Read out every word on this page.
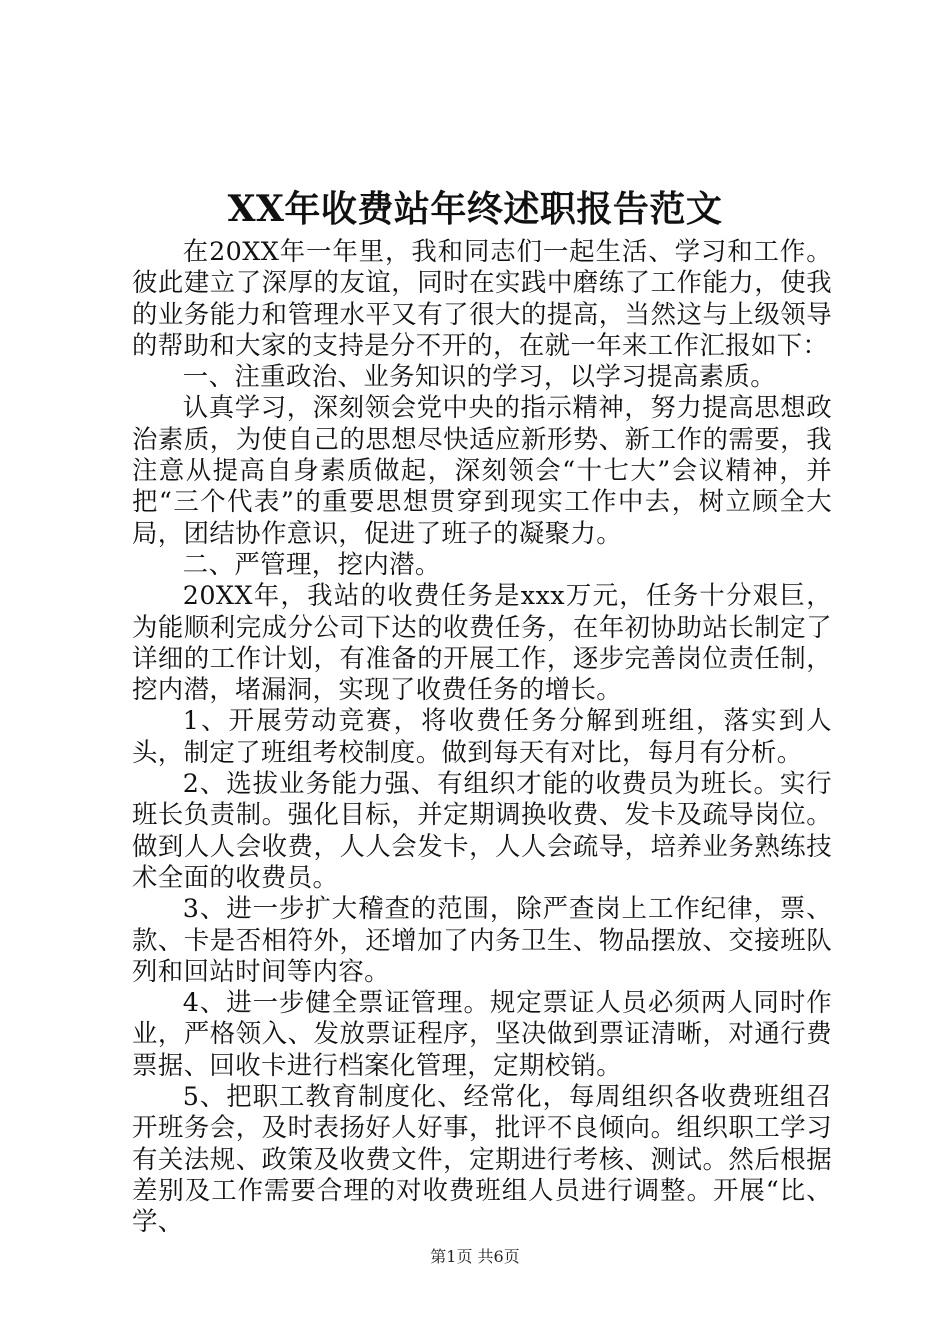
XX年收费站年终述职报告范文

在20XX年一年里，我和同志们一起生活、学习和工作。彼此建立了深厚的友谊，同时在实践中磨练了工作能力，使我的业务能力和管理水平又有了很大的提高，当然这与上级领导的帮助和大家的支持是分不开的，在就一年来工作汇报如下：

一、注重政治、业务知识的学习，以学习提高素质。

认真学习，深刻领会党中央的指示精神，努力提高思想政治素质，为使自己的思想尽快适应新形势、新工作的需要，我注意从提高自身素质做起，深刻领会“十七大”会议精神，并把“三个代表”的重要思想贯穿到现实工作中去，树立顾全大局，团结协作意识，促进了班子的凝聚力。

二、严管理，挖内潜。

20XX年，我站的收费任务是xxx万元，任务十分艰巨，为能顺利完成分公司下达的收费任务，在年初协助站长制定了详细的工作计划，有准备的开展工作，逐步完善岗位责任制，挖内潜，堵漏洞，实现了收费任务的增长。

1、开展劳动竞赛，将收费任务分解到班组，落实到人头，制定了班组考校制度。做到每天有对比，每月有分析。

2、选拔业务能力强、有组织才能的收费员为班长。实行班长负责制。强化目标，并定期调换收费、发卡及疏导岗位。做到人人会收费，人人会发卡，人人会疏导，培养业务熟练技术全面的收费员。

3、进一步扩大稽查的范围，除严查岗上工作纪律，票、款、卡是否相符外，还增加了内务卫生、物品摆放、交接班队列和回站时间等内容。

4、进一步健全票证管理。规定票证人员必须两人同时作业，严格领入、发放票证程序，坚决做到票证清晰，对通行费票据、回收卡进行档案化管理，定期校销。

5、把职工教育制度化、经常化，每周组织各收费班组召开班务会，及时表扬好人好事，批评不良倾向。组织职工学习有关法规、政策及收费文件，定期进行考核、测试。然后根据差别及工作需要合理的对收费班组人员进行调整。开展“比、学、

第1页 共6页
